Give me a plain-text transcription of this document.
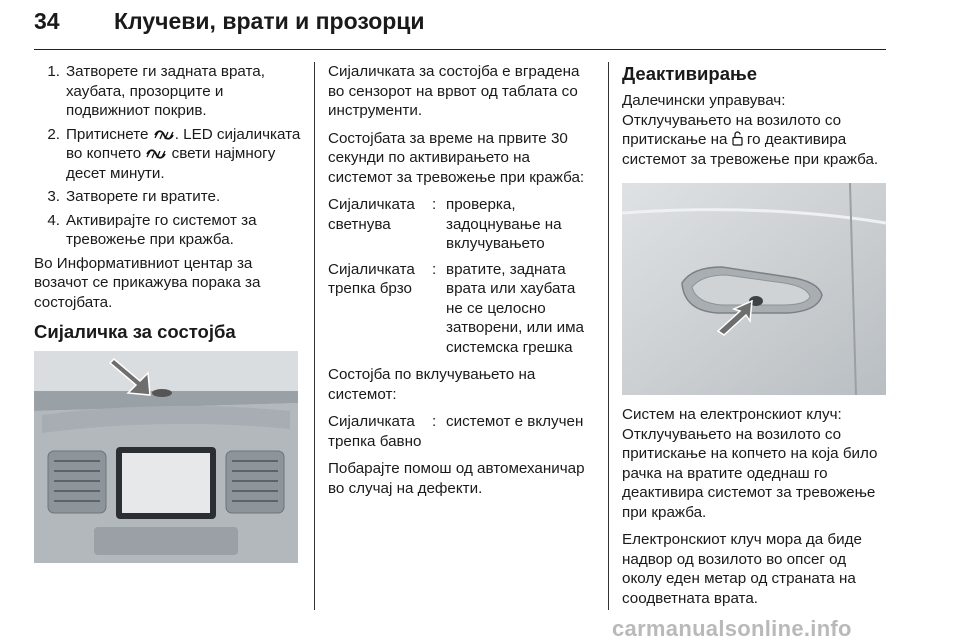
34 Клучеви, врати и прозорци
1. Затворете ги задната врата, хаубата, прозорците и подвижниот покрив.
2. Притиснете . LED сијаличката во копчето свети најмногу десет минути.
3. Затворете ги вратите.
4. Активирајте го системот за тревожење при кражба.

Во Информативниот центар за возачот се прикажува порака за состојбата.

Сијаличка за состојба

Сијаличката за состојба е вградена во сензорот на врвот од таблата со инструменти.

Состојбата за време на првите 30 секунди по активирањето на системот за тревожење при кражба:

Сијаличката светнува
: проверка, задоцнување на вклучувањето
Сијаличката трепка брзо
: вратите, задната врата или хаубата не се целосно затворени, или има системска грешка

Состојба по вклучувањето на системот:

Сијаличката трепка бавно
: системот е вклучен

Побарајте помош од автомеханичар во случај на дефекти.

Деактивирање

Далечински управувач:
Отклучувањето на возилото со притискање на го деактивира системот за тревожење при кражба.

Систем на електронскиот клуч: Отклучувањето на возилото со притискање на копчето на која било рачка на вратите одеднаш го деактивира системот за тревожење при кражба.

Електронскиот клуч мора да биде надвор од возилото во опсег од околу еден метар од страната на соодветната врата.

carmanualsonline.info
